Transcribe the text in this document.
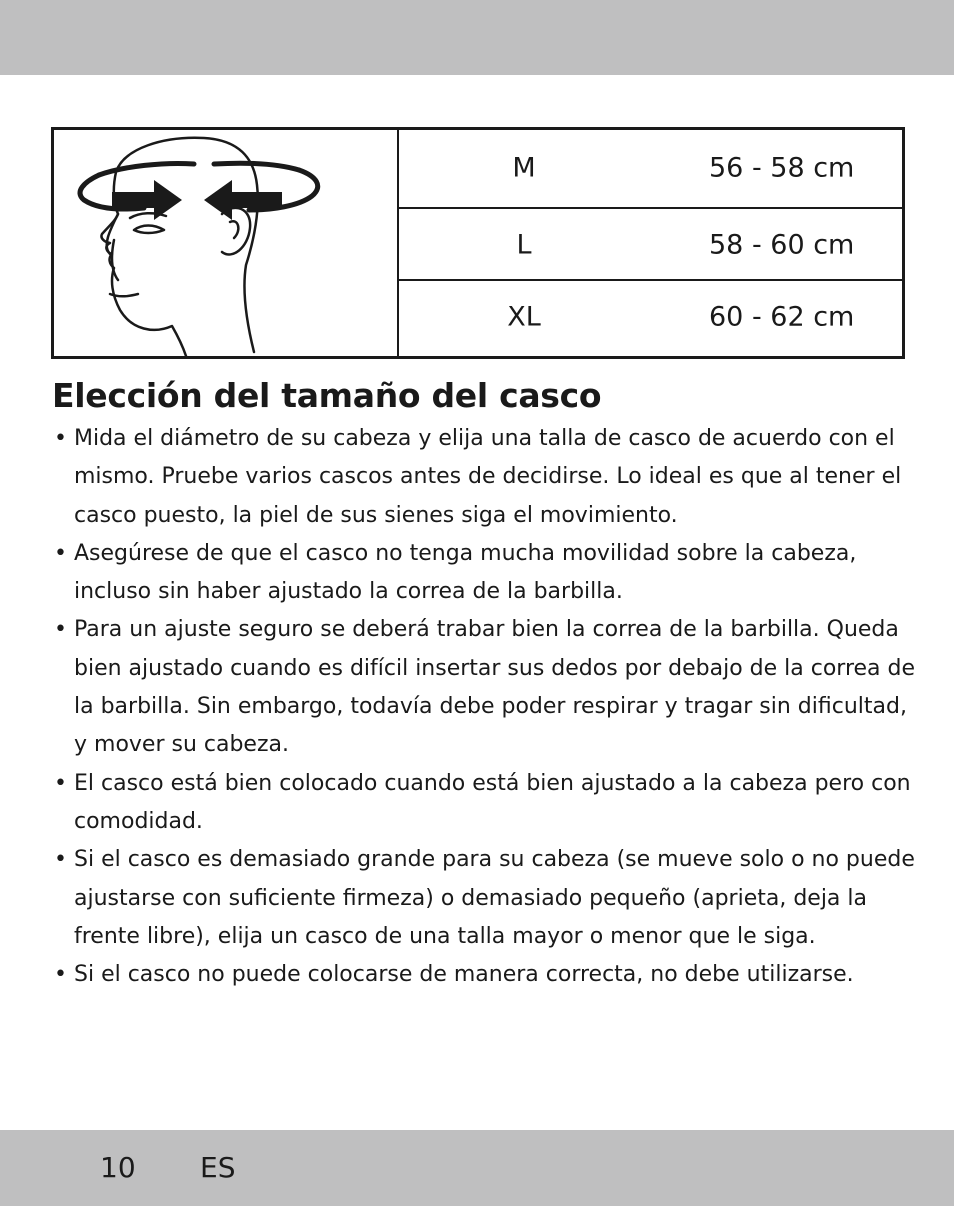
M	56 - 58 cm
L	58 - 60 cm
XL	60 - 62 cm
Elección del tamaño del casco
• Mida el diámetro de su cabeza y elija una talla de casco de acuerdo con el mismo. Pruebe varios cascos antes de decidirse. Lo ideal es que al tener el casco puesto, la piel de sus sienes siga el movimiento.
• Asegúrese de que el casco no tenga mucha movilidad sobre la cabeza, incluso sin haber ajustado la correa de la barbilla.
• Para un ajuste seguro se deberá trabar bien la correa de la barbilla. Queda bien ajustado cuando es difícil insertar sus dedos por debajo de la correa de la barbilla. Sin embargo, todavía debe poder respirar y tragar sin dificultad, y mover su cabeza.
• El casco está bien colocado cuando está bien ajustado a la cabeza pero con comodidad.
• Si el casco es demasiado grande para su cabeza (se mueve solo o no puede ajustarse con suficiente firmeza) o demasiado pequeño (aprieta, deja la frente libre), elija un casco de una talla mayor o menor que le siga.
• Si el casco no puede colocarse de manera correcta, no debe utilizarse.
10 ES
